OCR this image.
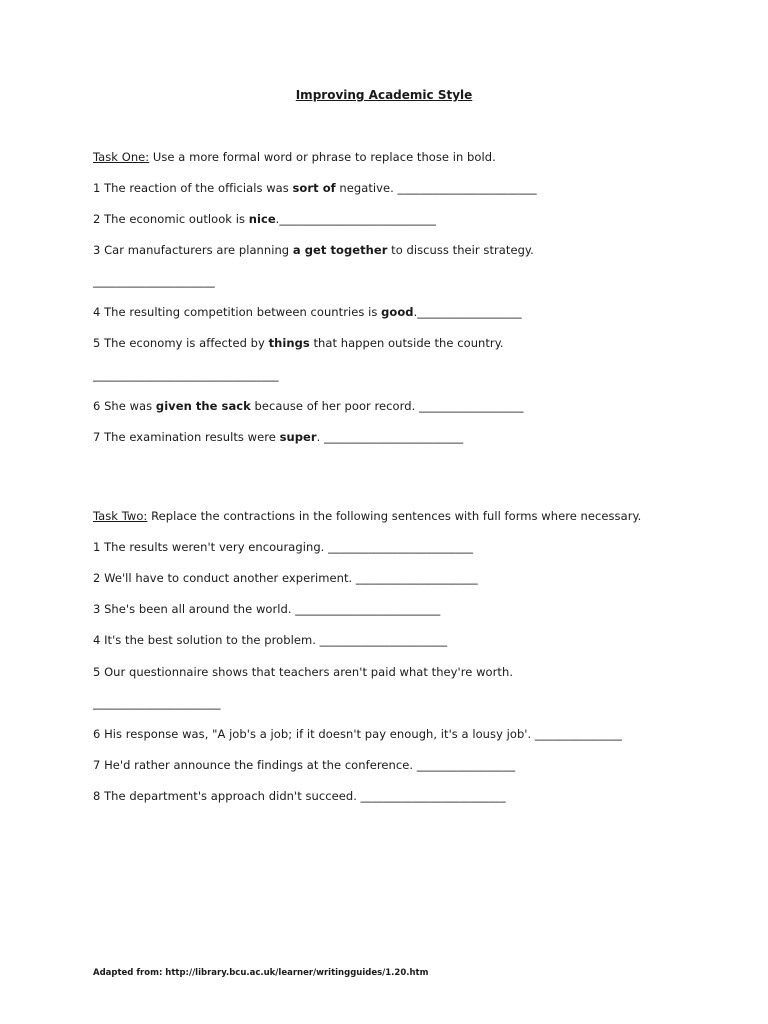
Improving Academic Style
Task One: Use a more formal word or phrase to replace those in bold.
1 The reaction of the officials was sort of negative. ________________________
2 The economic outlook is nice.___________________________
3 Car manufacturers are planning a get together to discuss their strategy.
_____________________
4 The resulting competition between countries is good.__________________
5 The economy is affected by things that happen outside the country.
________________________________
6 She was given the sack because of her poor record. __________________
7 The examination results were super. ________________________
Task Two: Replace the contractions in the following sentences with full forms where necessary.
1 The results weren't very encouraging. _________________________
2 We'll have to conduct another experiment. _____________________
3 She's been all around the world. _________________________
4 It's the best solution to the problem. ______________________
5 Our questionnaire shows that teachers aren't paid what they're worth.
______________________
6 His response was, "A job's a job; if it doesn't pay enough, it's a lousy job'. _______________
7 He'd rather announce the findings at the conference. _________________
8 The department's approach didn't succeed. _________________________
Adapted from: http://library.bcu.ac.uk/learner/writingguides/1.20.htm
